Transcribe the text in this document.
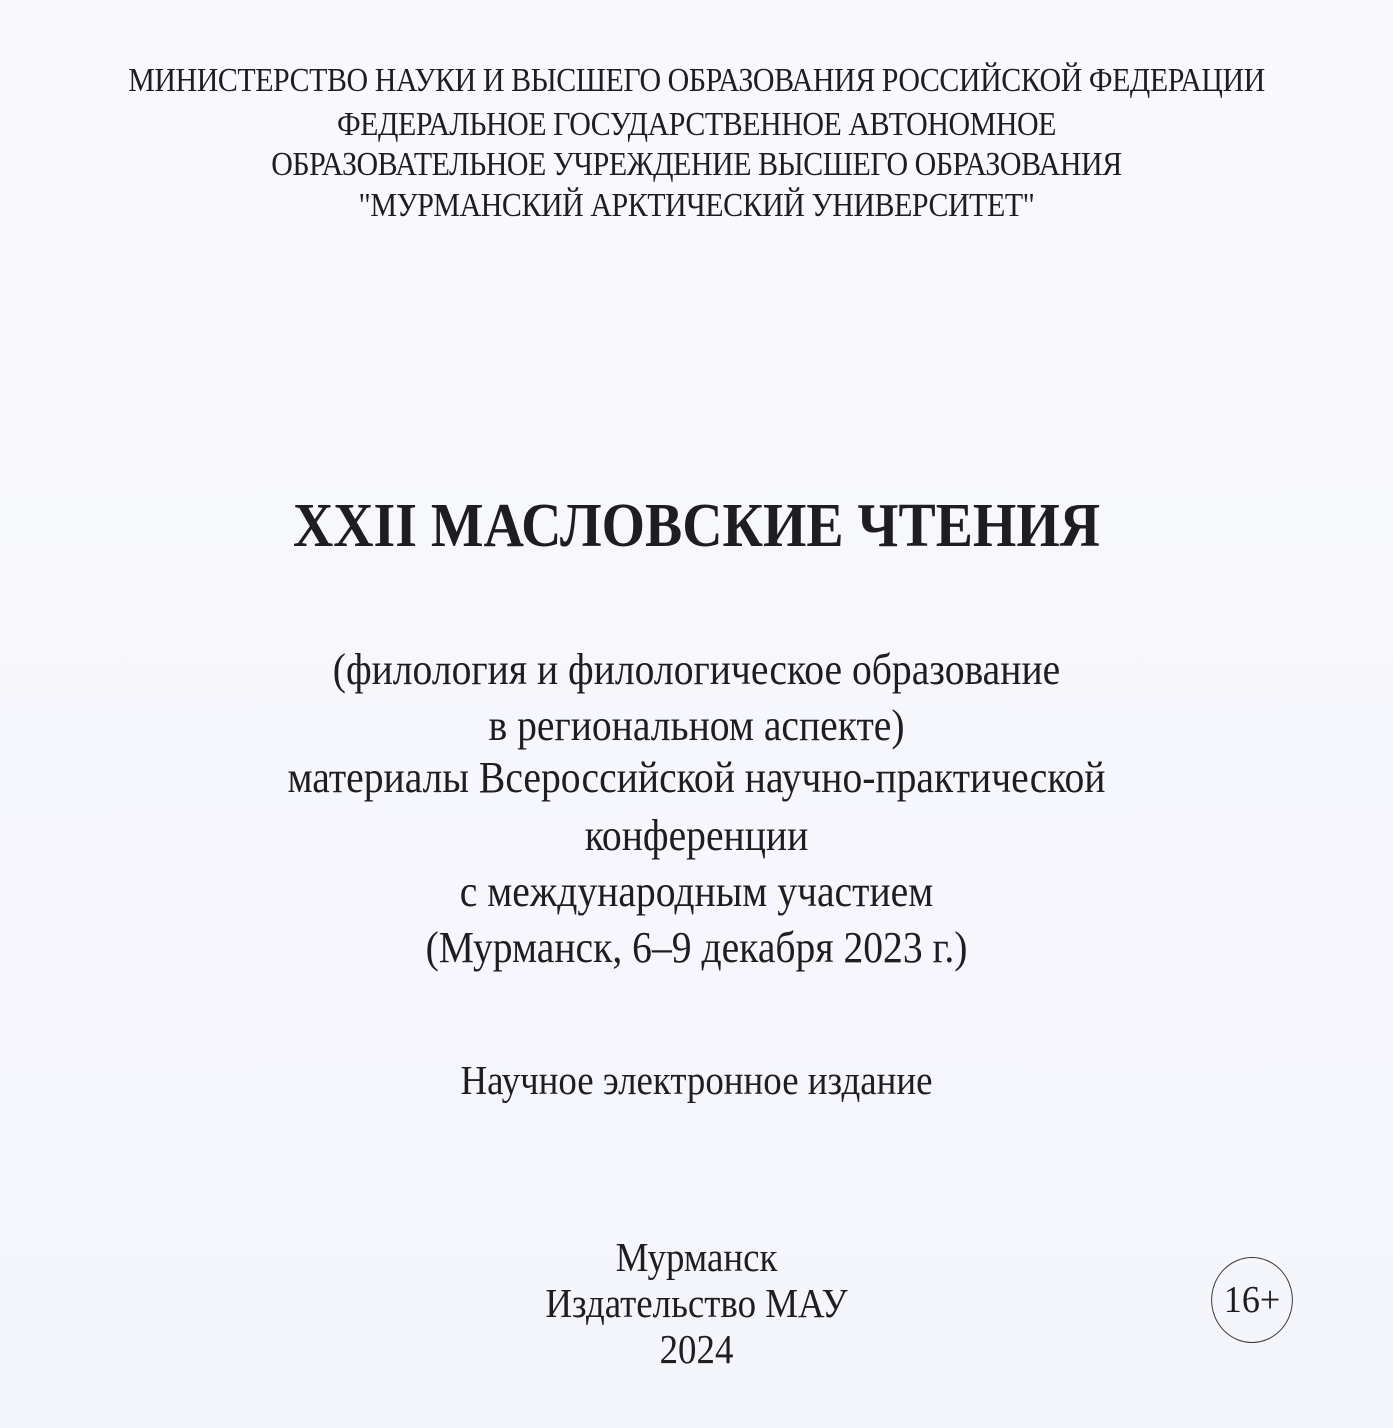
МИНИСТЕРСТВО НАУКИ И ВЫСШЕГО ОБРАЗОВАНИЯ РОССИЙСКОЙ ФЕДЕРАЦИИ
ФЕДЕРАЛЬНОЕ ГОСУДАРСТВЕННОЕ АВТОНОМНОЕ
ОБРАЗОВАТЕЛЬНОЕ УЧРЕЖДЕНИЕ ВЫСШЕГО ОБРАЗОВАНИЯ
"МУРМАНСКИЙ АРКТИЧЕСКИЙ УНИВЕРСИТЕТ"
XXII МАСЛОВСКИЕ ЧТЕНИЯ
(филология и филологическое образование
в региональном аспекте)
материалы Всероссийской научно-практической
конференции
с международным участием
(Мурманск, 6–9 декабря 2023 г.)
Научное электронное издание
Мурманск
Издательство МАУ
2024
16+
